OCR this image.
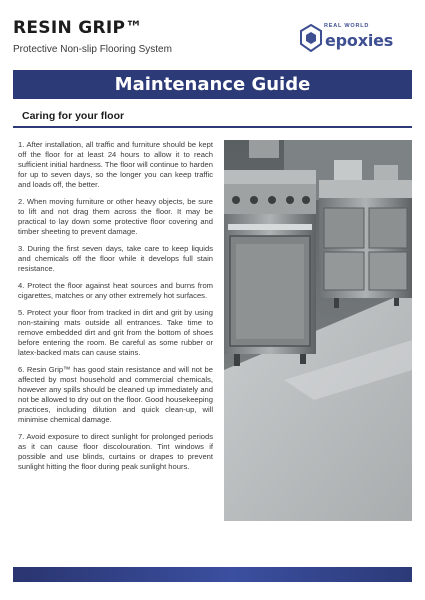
RESIN GRIP™
Protective Non-slip Flooring System
REAL WORLD
epoxies
Maintenance Guide
Caring for your floor

1. After installation, all traffic and furniture should be kept off the floor for at least 24 hours to allow it to reach sufficient initial hardness. The floor will continue to harden for up to seven days, so the longer you can keep traffic and loads off, the better.

2. When moving furniture or other heavy objects, be sure to lift and not drag them across the floor. It may be practical to lay down some protective floor covering and timber sheeting to prevent damage.

3. During the first seven days, take care to keep liquids and chemicals off the floor while it develops full stain resistance.

4. Protect the floor against heat sources and burns from cigarettes, matches or any other extremely hot surfaces.

5. Protect your floor from tracked in dirt and grit by using non-staining mats outside all entrances. Take time to remove embedded dirt and grit from the bottom of shoes before entering the room. Be careful as some rubber or latex-backed mats can cause stains.

6. Resin Grip™ has good stain resistance and will not be affected by most household and commercial chemicals, however any spills should be cleaned up immediately and not be allowed to dry out on the floor. Good housekeeping practices, including dilution and quick clean-up, will minimise chemical damage.

7. Avoid exposure to direct sunlight for prolonged periods as it can cause floor discolouration. Tint windows if possible and use blinds, curtains or drapes to prevent sunlight hitting the floor during peak sunlight hours.
